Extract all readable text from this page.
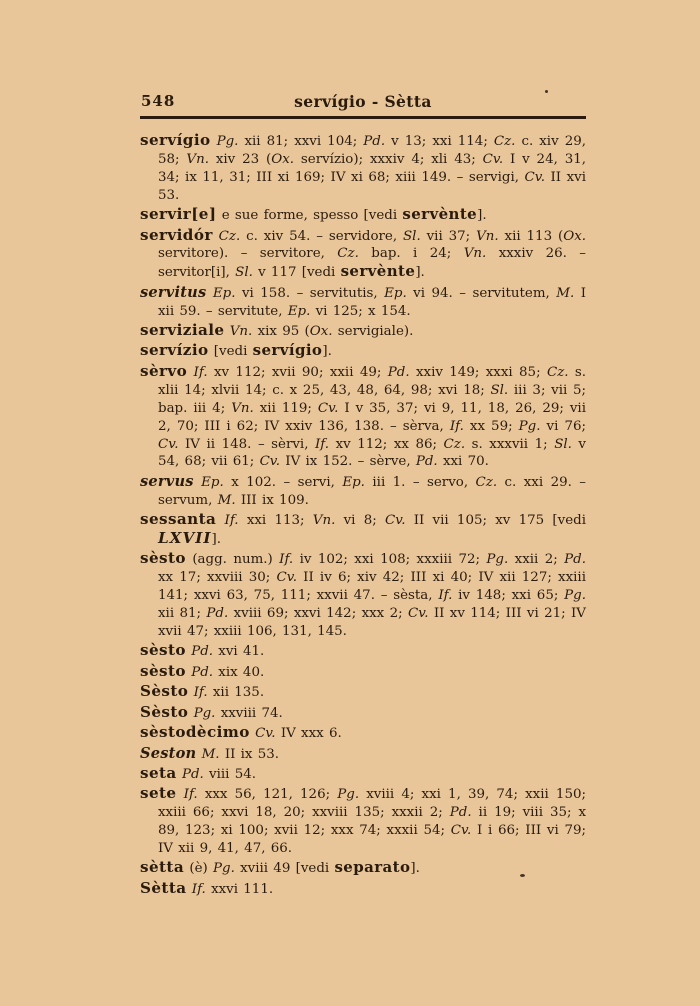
548	servígio - Sètta

servígio Pg. xii 81; xxvi 104; Pd. v 13; xxi 114; Cz. c. xiv 29, 58; Vn. xiv 23 (Ox. servízio); xxxiv 4; xli 43; Cv. I v 24, 31, 34; ix 11, 31; III xi 169; IV xi 68; xiii 149. – servigi, Cv. II xvi 53.

servir[e] e sue forme, spesso [vedi servènte].

servidór Cz. c. xiv 54. – servidore, Sl. vii 37; Vn. xii 113 (Ox. servitore). – servitore, Cz. bap. i 24; Vn. xxxiv 26. – servitor[i], Sl. v 117 [vedi servènte].

servitus Ep. vi 158. – servitutis, Ep. vi 94. – servitutem, M. I xii 59. – servitute, Ep. vi 125; x 154.

serviziale Vn. xix 95 (Ox. servigiale).

servízio [vedi servígio].

sèrvo If. xv 112; xvii 90; xxii 49; Pd. xxiv 149; xxxi 85; Cz. s. xlii 14; xlvii 14; c. x 25, 43, 48, 64, 98; xvi 18; Sl. iii 3; vii 5; bap. iii 4; Vn. xii 119; Cv. I v 35, 37; vi 9, 11, 18, 26, 29; vii 2, 70; III i 62; IV xxiv 136, 138. – sèrva, If. xx 59; Pg. vi 76; Cv. IV ii 148. – sèrvi, If. xv 112; xx 86; Cz. s. xxxvii 1; Sl. v 54, 68; vii 61; Cv. IV ix 152. – sèrve, Pd. xxi 70.

servus Ep. x 102. – servi, Ep. iii 1. – servo, Cz. c. xxi 29. – servum, M. III ix 109.

sessanta If. xxi 113; Vn. vi 8; Cv. II vii 105; xv 175 [vedi LXVII].

sèsto (agg. num.) If. iv 102; xxi 108; xxxiii 72; Pg. xxii 2; Pd. xx 17; xxviii 30; Cv. II iv 6; xiv 42; III xi 40; IV xii 127; xxiii 141; xxvi 63, 75, 111; xxvii 47. – sèsta, If. iv 148; xxi 65; Pg. xii 81; Pd. xviii 69; xxvi 142; xxx 2; Cv. II xv 114; III vi 21; IV xvii 47; xxiii 106, 131, 145.

sèsto Pd. xvi 41.

sèsto Pd. xix 40.

Sèsto If. xii 135.

Sèsto Pg. xxviii 74.

sèstodècimo Cv. IV xxx 6.

Seston M. II ix 53.

seta Pd. viii 54.

sete If. xxx 56, 121, 126; Pg. xviii 4; xxi 1, 39, 74; xxii 150; xxiii 66; xxvi 18, 20; xxviii 135; xxxii 2; Pd. ii 19; viii 35; x 89, 123; xi 100; xvii 12; xxx 74; xxxii 54; Cv. I i 66; III vi 79; IV xii 9, 41, 47, 66.

sètta (è) Pg. xviii 49 [vedi separato].

Sètta If. xxvi 111.
